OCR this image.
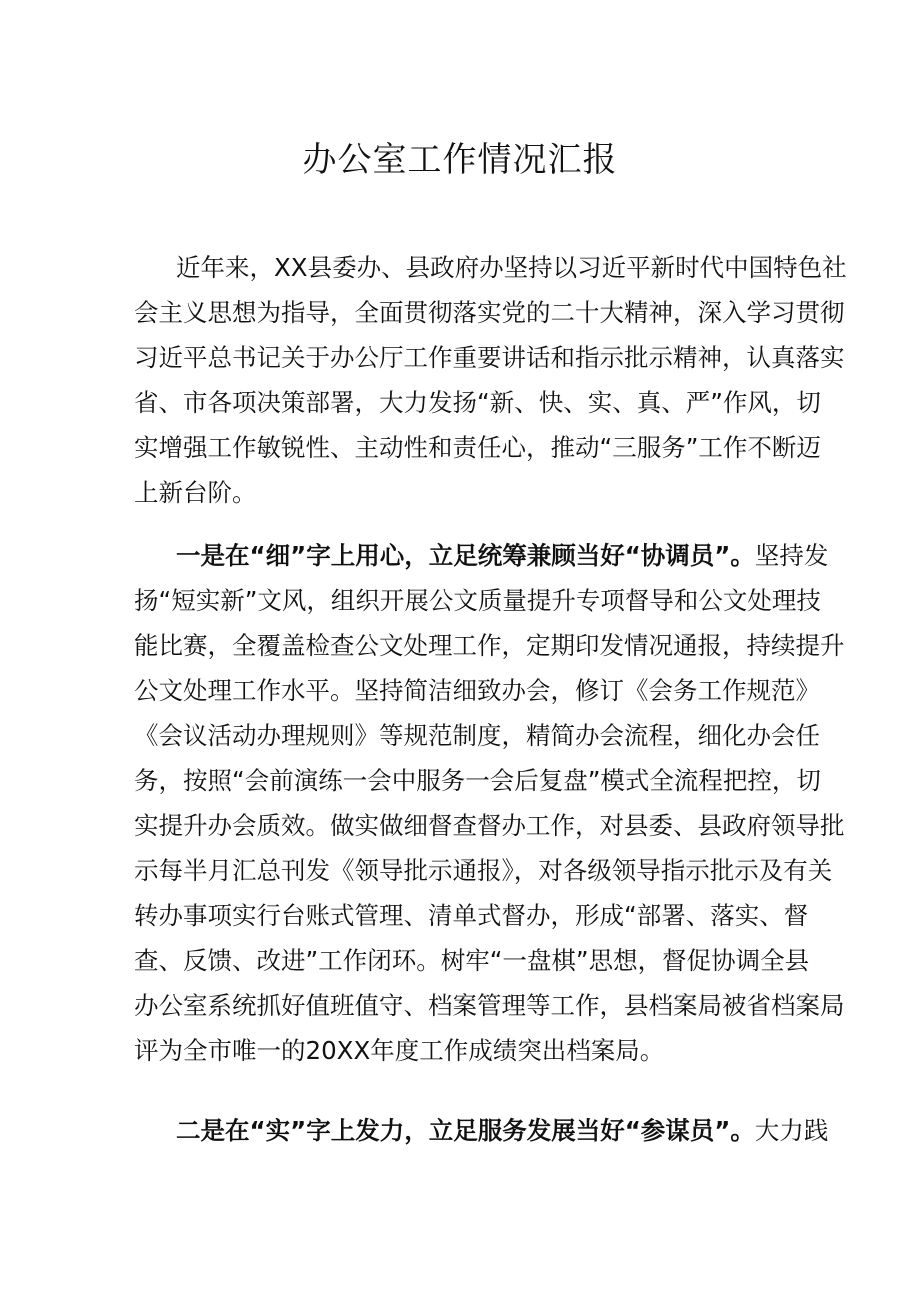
办公室工作情况汇报

近年来，XX县委办、县政府办坚持以习近平新时代中国特色社

会主义思想为指导，全面贯彻落实党的二十大精神，深入学习贯彻

习近平总书记关于办公厅工作重要讲话和指示批示精神，认真落实

省、市各项决策部署，大力发扬“新、快、实、真、严”作风，切

实增强工作敏锐性、主动性和责任心，推动“三服务”工作不断迈

上新台阶。

一是在“细”字上用心，立足统筹兼顾当好“协调员”。坚持发

扬“短实新”文风，组织开展公文质量提升专项督导和公文处理技

能比赛，全覆盖检查公文处理工作，定期印发情况通报，持续提升

公文处理工作水平。坚持简洁细致办会，修订《会务工作规范》

《会议活动办理规则》等规范制度，精简办会流程，细化办会任

务，按照“会前演练一会中服务一会后复盘”模式全流程把控，切

实提升办会质效。做实做细督查督办工作，对县委、县政府领导批

示每半月汇总刊发《领导批示通报》，对各级领导指示批示及有关

转办事项实行台账式管理、清单式督办，形成“部署、落实、督

查、反馈、改进”工作闭环。树牢“一盘棋”思想，督促协调全县

办公室系统抓好值班值守、档案管理等工作，县档案局被省档案局

评为全市唯一的20XX年度工作成绩突出档案局。

二是在“实”字上发力，立足服务发展当好“参谋员”。大力践
